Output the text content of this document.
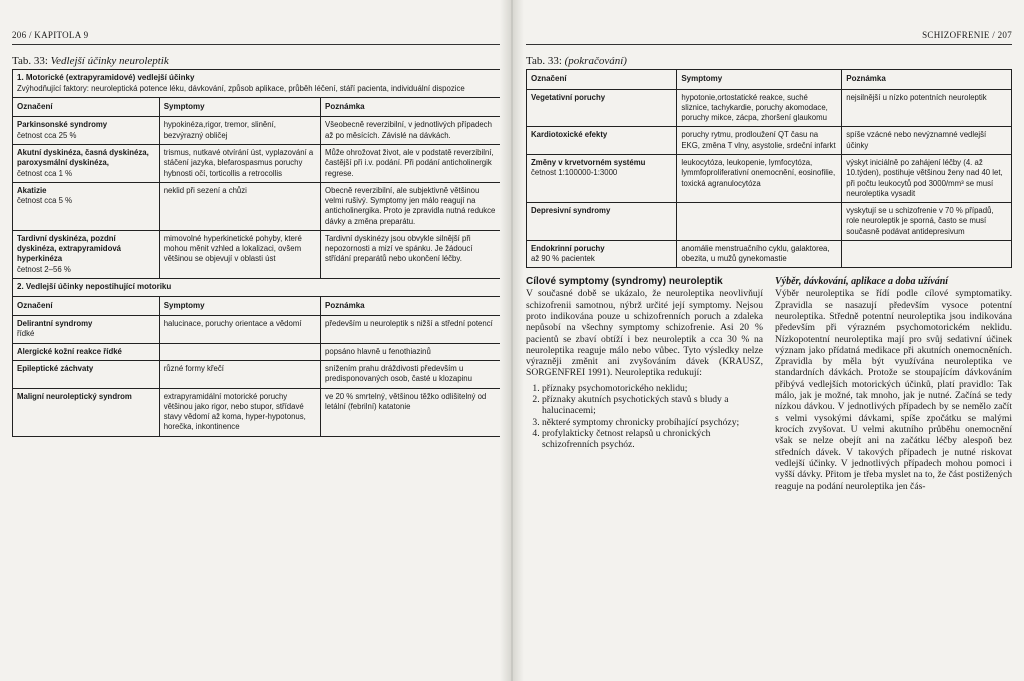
206 / KAPITOLA 9
Tab. 33: Vedlejší účinky neuroleptik
1. Motorické (extrapyramidové) vedlejší účinky
Zvýhodňující faktory: neuroleptická potence léku, dávkování, způsob aplikace, průběh léčení, stáří pacienta, individuální dispozice		

Označení	Symptomy	Poznámka

Parkinsonské syndromy
četnost cca 25 %	hypokinéza,rigor, tremor, slinění, bezvýrazný obličej	Všeobecně reverzibilní, v jednotlivých případech až po měsících. Závislé na dávkách.

Akutní dyskinéza, časná dyskinéza, paroxysmální dyskinéza,
četnost cca 1 %	trismus, nutkavé otvírání úst, vyplazování a stáčení jazyka, blefarospasmus poruchy hybnosti očí, torticollis a retrocollis	Může ohrožovat život, ale v podstatě reverzibilní, častější při i.v. podání. Při podání anticholinergik regrese.

Akatizie
četnost cca 5 %	neklid při sezení a chůzi	Obecně reverzibilní, ale subjektivně většinou velmi rušivý. Symptomy jen málo reagují na anticholinergika. Proto je zpravidla nutná redukce dávky a změna preparátu.

Tardivní dyskinéza, pozdní dyskinéza, extrapyramidová hyperkinéza
četnost 2–56 %	mimovolné hyperkinetické pohyby, které mohou měnit vzhled a lokalizaci, ovšem většinou se objevují v oblasti úst	Tardivní dyskinézy jsou obvykle silnější při nepozornosti a mizí ve spánku. Je žádoucí střídání preparátů nebo ukončení léčby.
2. Vedlejší účinky nepostihující motoriku		
Označení	Symptomy	Poznámka

Delirantní syndromy
řídké	halucinace, poruchy orientace a vědomí	především u neuroleptik s nižší a střední potencí

Alergické kožní reakce řídké		popsáno hlavně u fenothiazinů

Epileptické záchvaty	různé formy křečí	snížením prahu dráždivosti především u predisponovaných osob, časté u klozapinu

Maligní neuroleptický syndrom	extrapyramidální motorické poruchy většinou jako rigor, nebo stupor, střídavé stavy vědomí až koma, hyper-hypotonus, horečka, inkontinence	ve 20 % smrtelný, většinou těžko odlišitelný od letální (febrilní) katatonie
SCHIZOFRENIE / 207
Tab. 33: (pokračování)
Označení	Symptomy	Poznámka

Vegetativní poruchy	hypotonie,ortostatické reakce, suché sliznice, tachykardie, poruchy akomodace, poruchy mikce, zácpa, zhoršení glaukomu	nejsilnější u nízko potentních neuroleptik

Kardiotoxické efekty	poruchy rytmu, prodloužení QT času na EKG, změna T vlny, asystolie, srdeční infarkt	spíše vzácné nebo nevýznamné vedlejší účinky

Změny v krvetvorném systému
četnost 1:100000-1:3000	leukocytóza, leukopenie, lymfocytóza, lymmfoproliferativní onemocnění, eosinofilie, toxická agranulocytóza	výskyt iniciálně po zahájení léčby (4. až 10.týden), postihuje většinou ženy nad 40 let, při počtu leukocytů pod 3000/mm³ se musí neuroleptika vysadit

Depresivní syndromy		vyskytují se u schizofrenie v 70 % případů, role neuroleptik je sporná, často se musí současně podávat antidepresivum

Endokrinní poruchy
až 90 % pacientek	anomálie menstruačního cyklu, galaktorea, obezita, u mužů gynekomastie	
Cílové symptomy (syndromy) neuroleptik

V současné době se ukázalo, že neuroleptika neovlivňují schizofrenii samotnou, nýbrž určité její symptomy. Nejsou proto indikována pouze u schizofrenních poruch a zdaleka nepůsobí na všechny symptomy schizofrenie. Asi 20 % pacientů se zbaví obtíží i bez neuroleptik a cca 30 % na neuroleptika reaguje málo nebo vůbec. Tyto výsledky nelze výrazněji změnit ani zvyšováním dávek (KRAUSZ, SORGENFREI 1991). Neuroleptika redukují:

1. příznaky psychomotorického neklidu;
2. příznaky akutních psychotických stavů s bludy a halucinacemi;
3. některé symptomy chronicky probíhající psychózy;
4. profylakticky četnost relapsů u chronických schizofrenních psychóz.
Výběr, dávkování, aplikace a doba užívání

Výběr neuroleptika se řídí podle cílové symptomatiky. Zpravidla se nasazují především vysoce potentní neuroleptika. Středně potentní neuroleptika jsou indikována především při výrazném psychomotorickém neklidu. Nízkopotentní neuroleptika mají pro svůj sedativní účinek význam jako přídatná medikace při akutních onemocněních. Zpravidla by měla být využívána neuroleptika ve standardních dávkách. Protože se stoupajícím dávkováním přibývá vedlejších motorických účinků, platí pravidlo: Tak málo, jak je možné, tak mnoho, jak je nutné. Začíná se tedy nízkou dávkou. V jednotlivých případech by se nemělo začít s velmi vysokými dávkami, spíše zpočátku se malými krocích zvyšovat. U velmi akutního průběhu onemocnění však se nelze obejít ani na začátku léčby alespoň bez středních dávek. V takových případech je nutné riskovat vedlejší účinky. V jednotlivých případech mohou pomoci i vyšší dávky. Přitom je třeba myslet na to, že část postižených reaguje na podání neuroleptika jen čás-
